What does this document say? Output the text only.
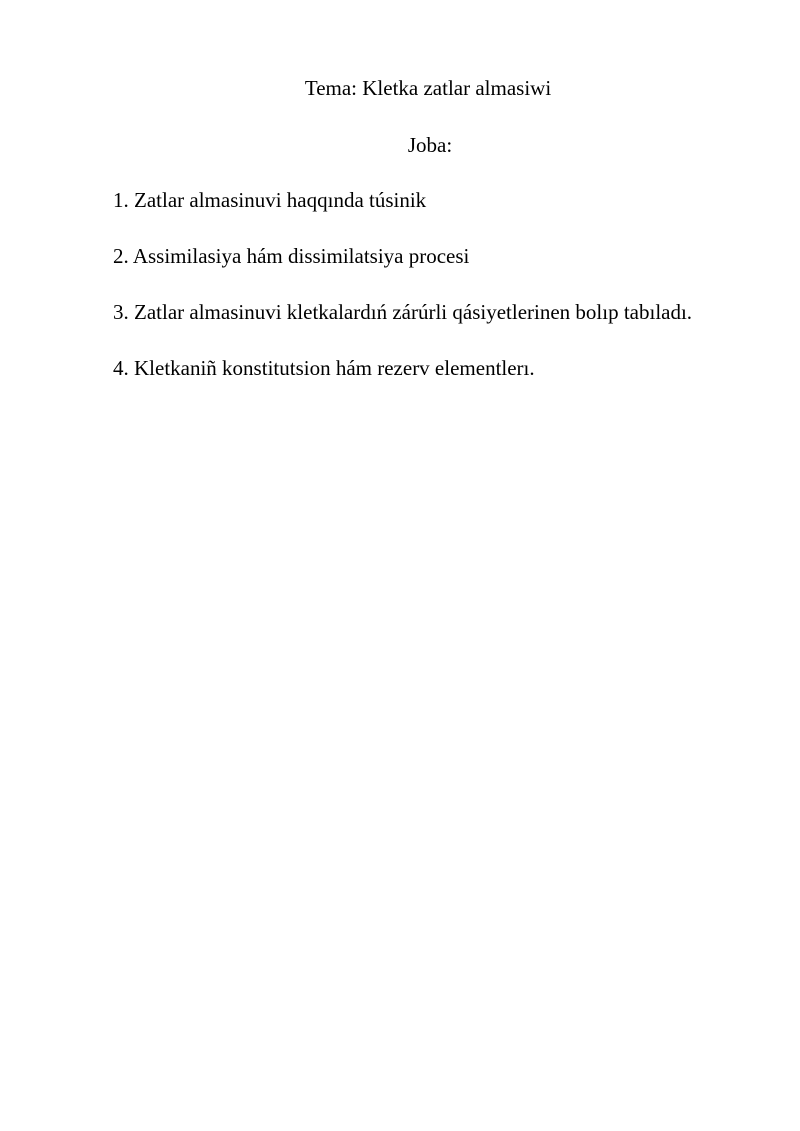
Tema: Kletka zatlar almasiwi
Joba:
1. Zatlar almasinuvi haqqında túsinik
2. Assimilasiya hám dissimilatsiya procesi
3. Zatlar almasinuvi kletkalardıń zárúrli qásiyetlerinen bolıp tabıladı.
4. Kletkaniñ konstitutsion hám rezerv elementlerı.
